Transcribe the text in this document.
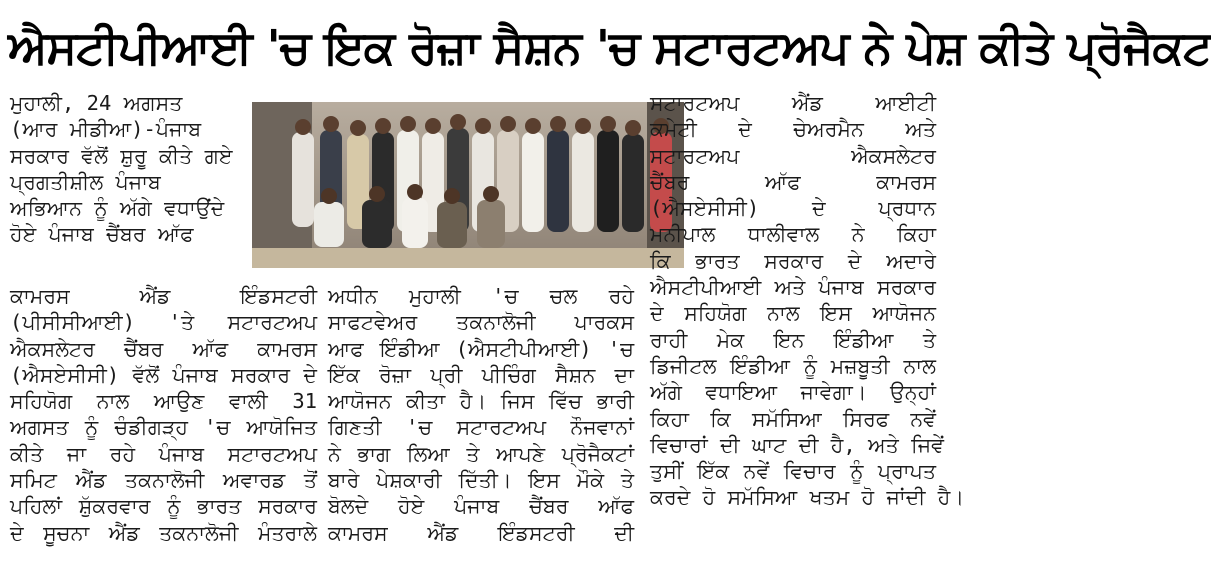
ਐਸਟੀਪੀਆਈ 'ਚ ਇਕ ਰੋਜ਼ਾ ਸੈਸ਼ਨ 'ਚ ਸਟਾਰਟਅਪ ਨੇ ਪੇਸ਼ ਕੀਤੇ ਪ੍ਰੋਜੈਕਟ

ਮੁਹਾਲੀ, 24 ਅਗਸਤ

(ਆਰ ਮੀਡੀਆ)-ਪੰਜਾਬ

ਸਰਕਾਰ ਵੱਲੋਂ ਸ਼ੁਰੂ ਕੀਤੇ ਗਏ

ਪ੍ਰਗਤੀਸ਼ੀਲ ਪੰਜਾਬ

ਅਭਿਆਨ ਨੂੰ ਅੱਗੇ ਵਧਾਉਂਦੇ

ਹੋਏ ਪੰਜਾਬ ਚੈਂਬਰ ਆੱਫ

ਕਾਮਰਸ ਐਂਡ ਇੰਡਸਟਰੀ

(ਪੀਸੀਸੀਆਈ) 'ਤੇ ਸਟਾਰਟਅਪ

ਐਕਸਲੇਟਰ ਚੈਂਬਰ ਆੱਫ ਕਾਮਰਸ

(ਐਸਏਸੀਸੀ) ਵੱਲੋਂ ਪੰਜਾਬ ਸਰਕਾਰ ਦੇ

ਸਹਿਯੋਗ ਨਾਲ ਆਉਣ ਵਾਲੀ 31

ਅਗਸਤ ਨੂੰ ਚੰਡੀਗੜ੍ਹ 'ਚ ਆਯੋਜਿਤ

ਕੀਤੇ ਜਾ ਰਹੇ ਪੰਜਾਬ ਸਟਾਰਟਅਪ

ਸਮਿਟ ਐਂਡ ਤਕਨਾਲੋਜੀ ਅਵਾਰਡ ਤੋਂ

ਪਹਿਲਾਂ ਸ਼ੁੱਕਰਵਾਰ ਨੂੰ ਭਾਰਤ ਸਰਕਾਰ

ਦੇ ਸੂਚਨਾ ਐਂਡ ਤਕਨਾਲੋਜੀ ਮੰਤਰਾਲੇ

ਅਧੀਨ ਮੁਹਾਲੀ 'ਚ ਚਲ ਰਹੇ

ਸਾਫਟਵੇਅਰ ਤਕਨਾਲੋਜੀ ਪਾਰਕਸ

ਆਫ ਇੰਡੀਆ (ਐਸਟੀਪੀਆਈ) 'ਚ

ਇੱਕ ਰੋਜ਼ਾ ਪ੍ਰੀ ਪੀਚਿੰਗ ਸੈਸ਼ਨ ਦਾ

ਆਯੋਜਨ ਕੀਤਾ ਹੈ। ਜਿਸ ਵਿੱਚ ਭਾਰੀ

ਗਿਣਤੀ 'ਚ ਸਟਾਰਟਅਪ ਨੌਜਵਾਨਾਂ

ਨੇ ਭਾਗ ਲਿਆ ਤੇ ਆਪਣੇ ਪ੍ਰੋਜੈਕਟਾਂ

ਬਾਰੇ ਪੇਸ਼ਕਾਰੀ ਦਿੱਤੀ। ਇਸ ਮੌਕੇ ਤੇ

ਬੋਲਦੇ ਹੋਏ ਪੰਜਾਬ ਚੈਂਬਰ ਆੱਫ

ਕਾਮਰਸ ਐਂਡ ਇੰਡਸਟਰੀ ਦੀ

ਸਟਾਰਟਅਪ ਐਂਡ ਆਈਟੀ

ਕਮੇਟੀ ਦੇ ਚੇਅਰਮੈਨ ਅਤੇ

ਸਟਾਰਟਅਪ ਐਕਸਲੇਟਰ

ਚੈਂਬਰ ਆੱਫ ਕਾਮਰਸ

(ਐਸਏਸੀਸੀ) ਦੇ ਪ੍ਰਧਾਨ

ਮਨੀਪਾਲ ਧਾਲੀਵਾਲ ਨੇ ਕਿਹਾ

ਕਿ ਭਾਰਤ ਸਰਕਾਰ ਦੇ ਅਦਾਰੇ

ਐਸਟੀਪੀਆਈ ਅਤੇ ਪੰਜਾਬ ਸਰਕਾਰ

ਦੇ ਸਹਿਯੋਗ ਨਾਲ ਇਸ ਆਯੋਜਨ

ਰਾਹੀ ਮੇਕ ਇਨ ਇੰਡੀਆ ਤੇ

ਡਿਜੀਟਲ ਇੰਡੀਆ ਨੂੰ ਮਜ਼ਬੂਤੀ ਨਾਲ

ਅੱਗੇ ਵਧਾਇਆ ਜਾਵੇਗਾ। ਉਨ੍ਹਾਂ

ਕਿਹਾ ਕਿ ਸਮੱਸਿਆ ਸਿਰਫ ਨਵੇਂ

ਵਿਚਾਰਾਂ ਦੀ ਘਾਟ ਦੀ ਹੈ, ਅਤੇ ਜਿਵੇਂ

ਤੁਸੀਂ ਇੱਕ ਨਵੇਂ ਵਿਚਾਰ ਨੂੰ ਪ੍ਰਾਪਤ

ਕਰਦੇ ਹੋ ਸਮੱਸਿਆ ਖਤਮ ਹੋ ਜਾਂਦੀ ਹੈ।
